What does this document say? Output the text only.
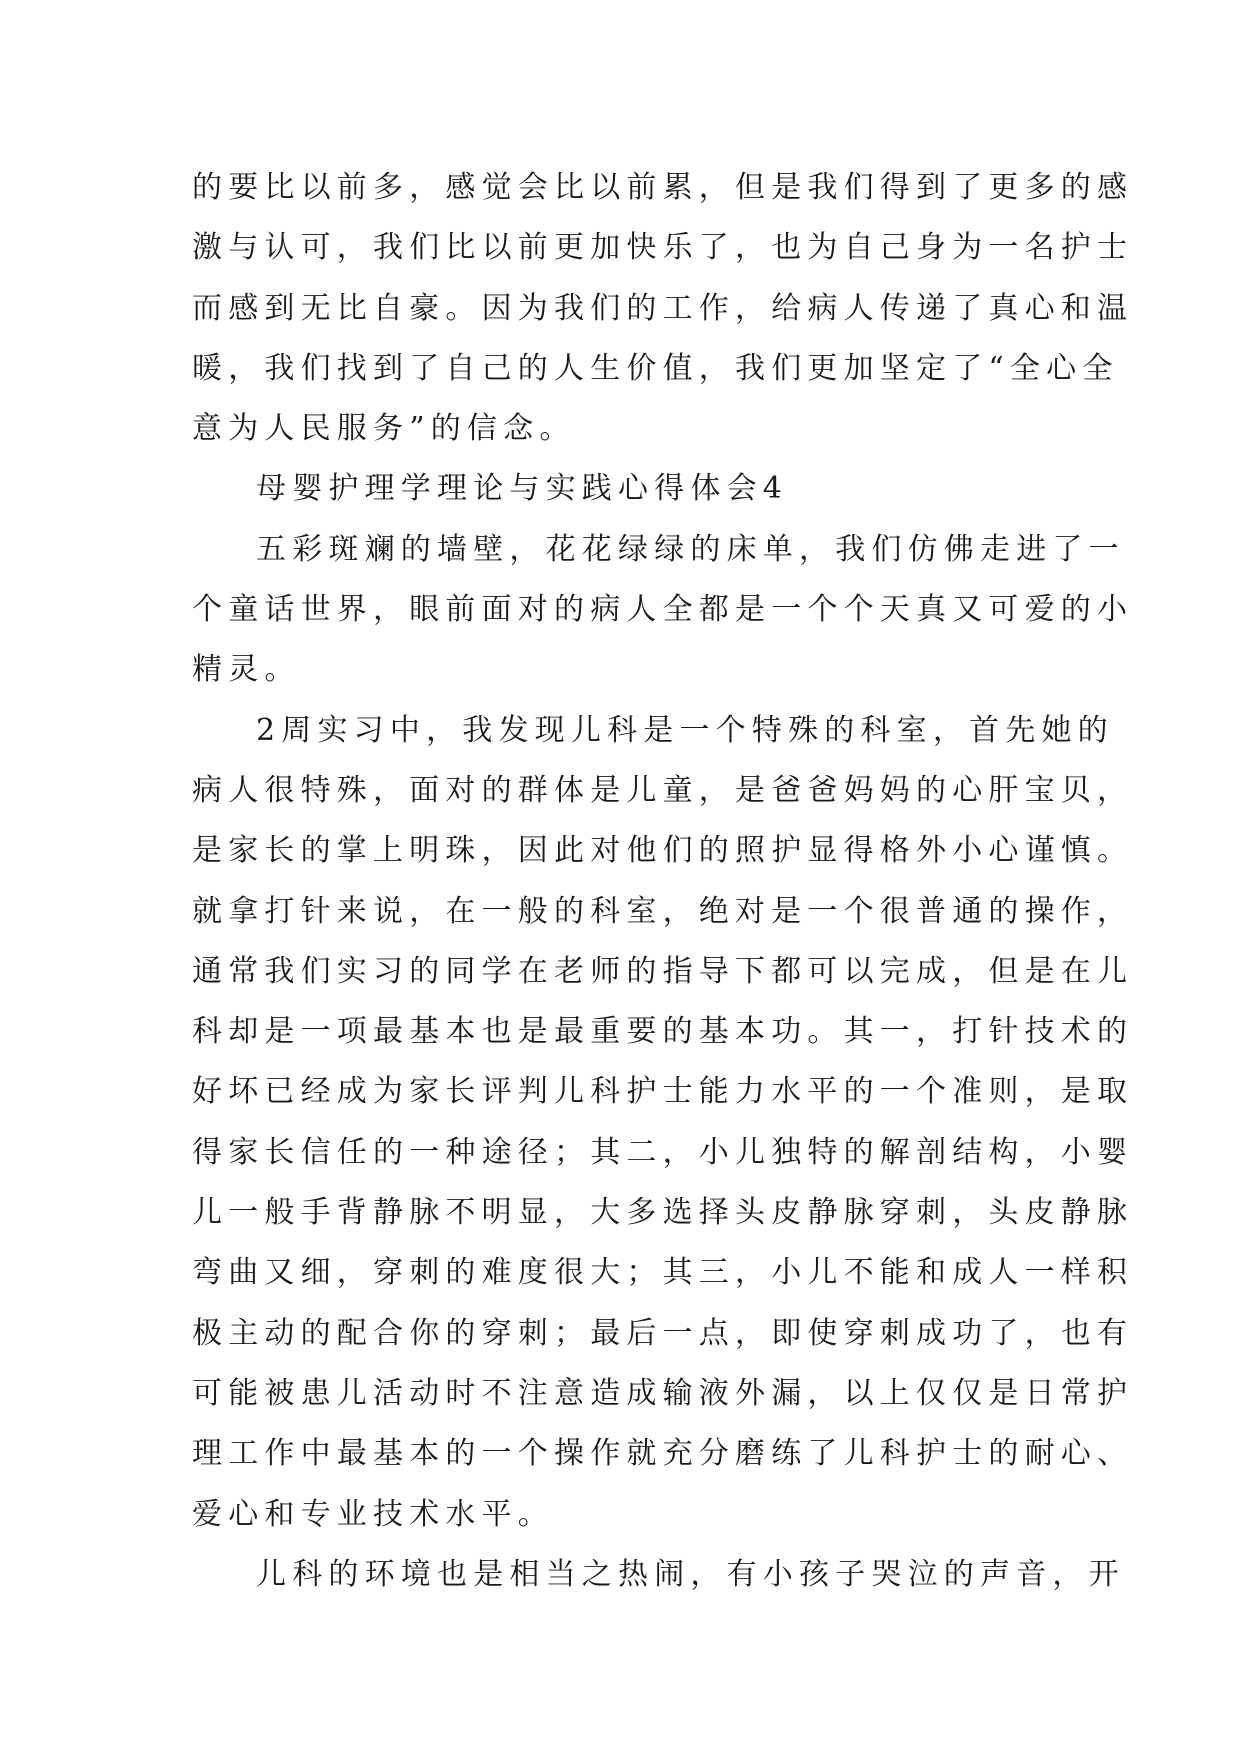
的要比以前多，感觉会比以前累，但是我们得到了更多的感
激与认可，我们比以前更加快乐了，也为自己身为一名护士
而感到无比自豪。因为我们的工作，给病人传递了真心和温
暖，我们找到了自己的人生价值，我们更加坚定了“全心全
意为人民服务”的信念。
母婴护理学理论与实践心得体会4
五彩斑斓的墙壁，花花绿绿的床单，我们仿佛走进了一
个童话世界，眼前面对的病人全都是一个个天真又可爱的小
精灵。
2周实习中，我发现儿科是一个特殊的科室，首先她的
病人很特殊，面对的群体是儿童，是爸爸妈妈的心肝宝贝，
是家长的掌上明珠，因此对他们的照护显得格外小心谨慎。
就拿打针来说，在一般的科室，绝对是一个很普通的操作，
通常我们实习的同学在老师的指导下都可以完成，但是在儿
科却是一项最基本也是最重要的基本功。其一，打针技术的
好坏已经成为家长评判儿科护士能力水平的一个准则，是取
得家长信任的一种途径；其二，小儿独特的解剖结构，小婴
儿一般手背静脉不明显，大多选择头皮静脉穿刺，头皮静脉
弯曲又细，穿刺的难度很大；其三，小儿不能和成人一样积
极主动的配合你的穿刺；最后一点，即使穿刺成功了，也有
可能被患儿活动时不注意造成输液外漏，以上仅仅是日常护
理工作中最基本的一个操作就充分磨练了儿科护士的耐心、
爱心和专业技术水平。
儿科的环境也是相当之热闹，有小孩子哭泣的声音，开
